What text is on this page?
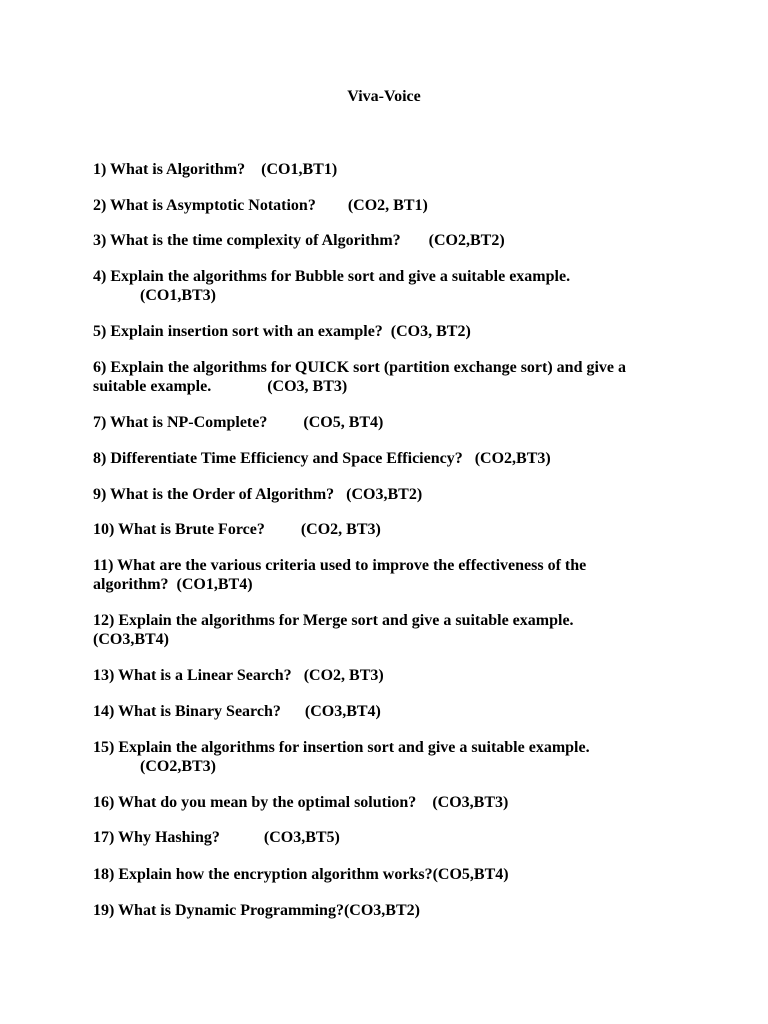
Viva-Voice
1) What is Algorithm? (CO1,BT1)
2) What is Asymptotic Notation? (CO2, BT1)
3) What is the time complexity of Algorithm? (CO2,BT2)
4) Explain the algorithms for Bubble sort and give a suitable example.
(CO1,BT3)
5) Explain insertion sort with an example? (CO3, BT2)
6) Explain the algorithms for QUICK sort (partition exchange sort) and give a
suitable example.	(CO3, BT3)
7) What is NP-Complete? (CO5, BT4)
8) Differentiate Time Efficiency and Space Efficiency? (CO2,BT3)
9) What is the Order of Algorithm? (CO3,BT2)
10) What is Brute Force? (CO2, BT3)
11) What are the various criteria used to improve the effectiveness of the
algorithm? (CO1,BT4)
12) Explain the algorithms for Merge sort and give a suitable example.
(CO3,BT4)
13) What is a Linear Search? (CO2, BT3)
14) What is Binary Search? (CO3,BT4)
15) Explain the algorithms for insertion sort and give a suitable example.
(CO2,BT3)
16) What do you mean by the optimal solution? (CO3,BT3)
17) Why Hashing?	(CO3,BT5)
18) Explain how the encryption algorithm works?(CO5,BT4)
19) What is Dynamic Programming?(CO3,BT2)
